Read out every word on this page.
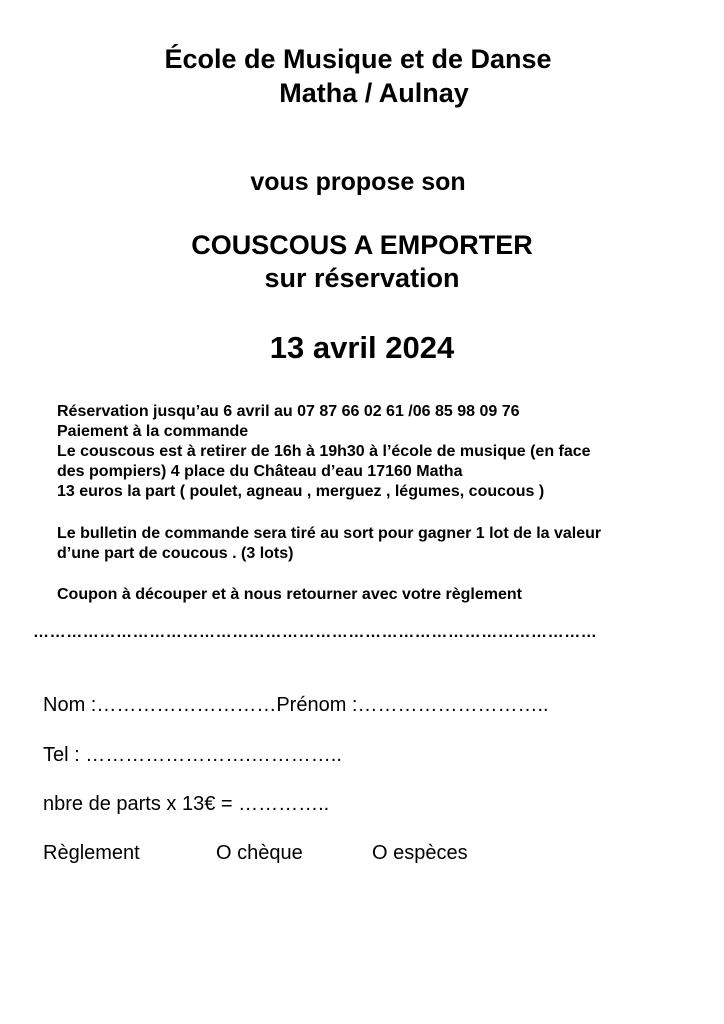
École de Musique et de Danse
Matha / Aulnay
vous propose son
COUSCOUS A EMPORTER
sur réservation
13 avril 2024
Réservation jusqu’au 6 avril au 07 87 66 02 61 /06 85 98 09 76
Paiement à la commande
Le couscous est à retirer de 16h à 19h30 à l’école de musique (en face
des pompiers) 4 place du Château d’eau 17160 Matha
13 euros la part ( poulet, agneau , merguez , légumes, coucous )
Le bulletin de commande sera tiré au sort pour gagner 1 lot de la valeur
d’une part de coucous . (3 lots)
Coupon à découper et à nous retourner avec votre règlement
…………………………………………………………………………………………
Nom :………………………Prénom :………………………..
Tel : …………………….…………..
nbre de parts x 13€ = …………..
Règlement	O chèque	O espèces
